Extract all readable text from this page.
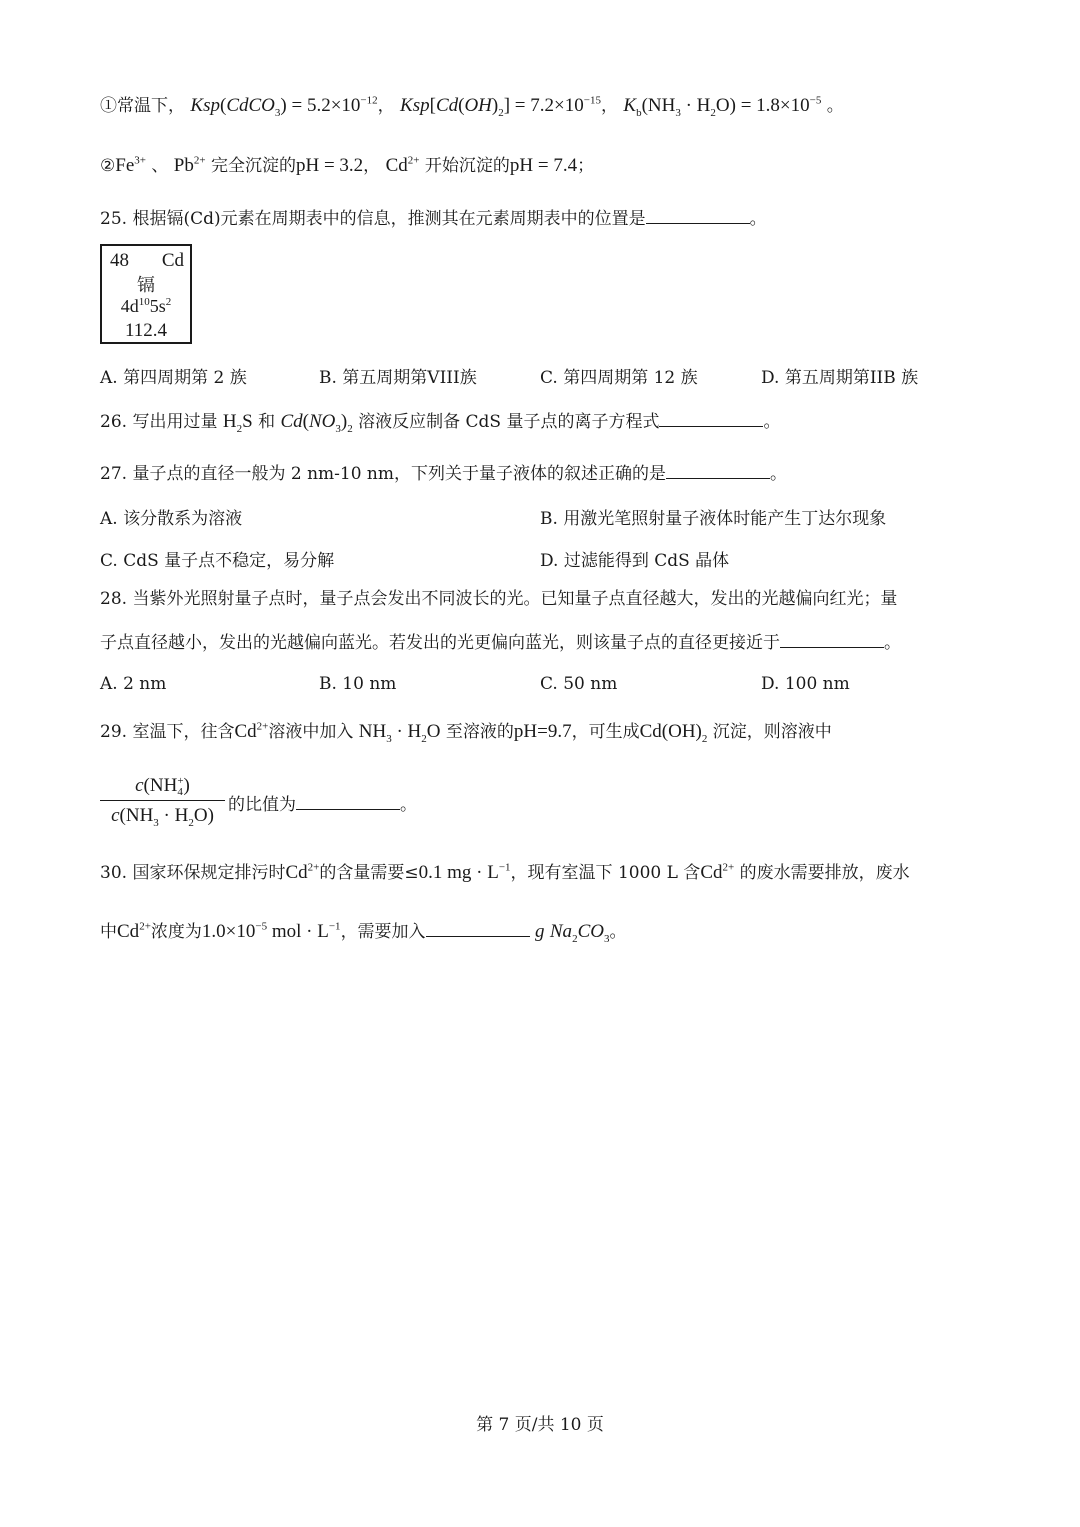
①常温下， Ksp(CdCO$_3$) = $5.2\times 10^{-12}$， $Ksp[Cd(OH)_2] = 7.2\times 10^{-15}$， $K_b(NH_3 \cdot H_2O) = 1.8\times 10^{-5}$ 。
$②Fe^{3+}$ 、 $Pb^{2+}$ 完全沉淀的pH = 3.2， $Cd^{2+}$ 开始沉淀的pH = 7.4；
25. 根据镉(Cd)元素在周期表中的信息，推测其在元素周期表中的位置是	。
48 Cd
镉
$4d^{10}5s^2$
112.4
A. 第四周期第 2 族	B. 第五周期第VIII族	C. 第四周期第 12 族	D. 第五周期第IIB 族
26. 写出用过量 $H_2S$ 和 $Cd(NO_3)_2$ 溶液反应制备 CdS 量子点的离子方程式	。
27. 量子点的直径一般为 2 nm-10 nm，下列关于量子液体的叙述正确的是	。
A. 该分散系为溶液	B. 用激光笔照射量子液体时能产生丁达尔现象
C. CdS 量子点不稳定，易分解	D. 过滤能得到 CdS 晶体
28. 当紫外光照射量子点时，量子点会发出不同波长的光。已知量子点直径越大，发出的光越偏向红光；量
子点直径越小，发出的光越偏向蓝光。若发出的光更偏向蓝光，则该量子点的直径更接近于	。
A. 2 nm	B. 10 nm	C. 50 nm	D. 100 nm
29. 室温下，往含$Cd^{2+}$溶液中加入 $NH_3 \cdot H_2O$ 至溶液的pH=9.7，可生成$Cd(OH)_2$ 沉淀，则溶液中
c(NH +
4 )
$c(NH_3 \cdot H_2O)$ 的比值为	。
30. 国家环保规定排污时$Cd^{2+}$的含量需要≤0.1 mg · $L^{-1}$，现有室温下 1000 L 含$Cd^{2+}$ 的废水需要排放，废水
中$Cd^{2+}$浓度为$1.0\times 10^{-5}$ mol · $L^{-1}$，需要加入	g $Na_2CO_3$。
第 7 页/共 10 页
